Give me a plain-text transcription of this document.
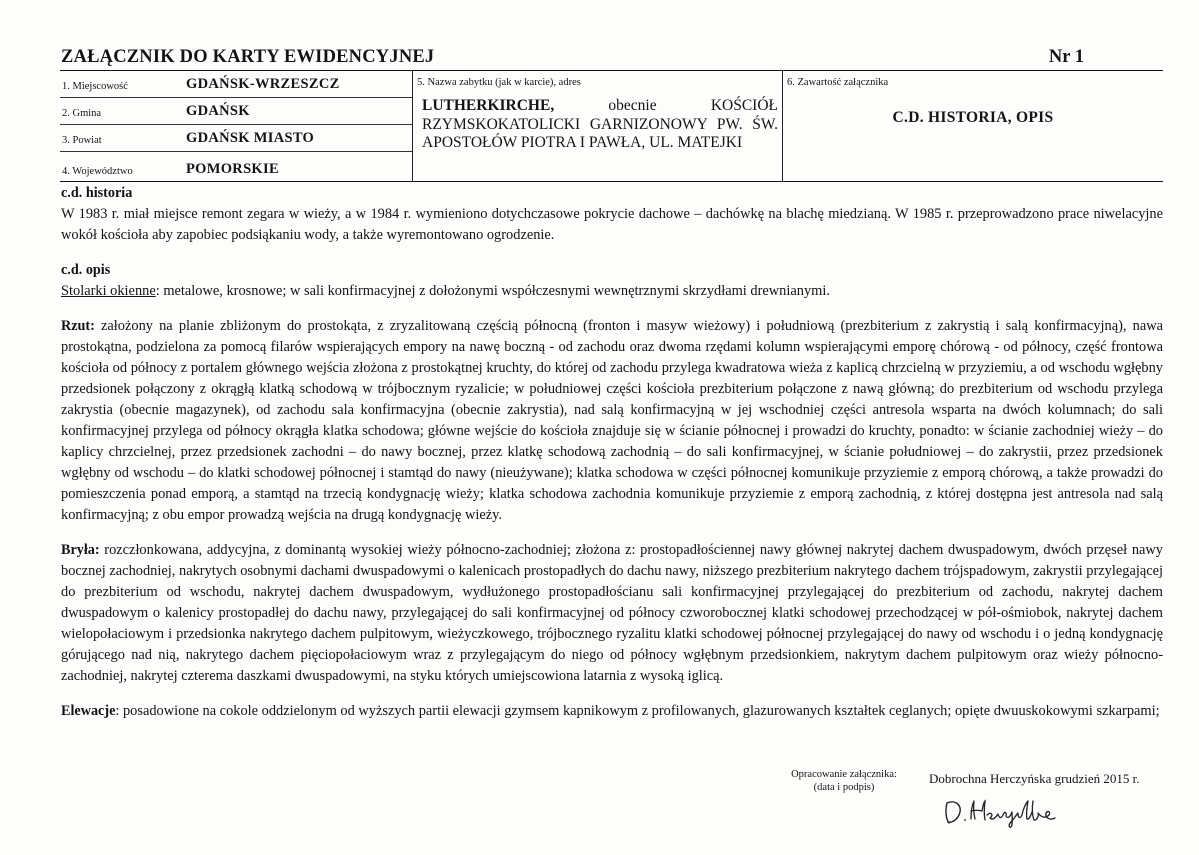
ZAŁĄCZNIK DO KARTY EWIDENCYJNEJ	Nr 1
1. Miejscowość	GDAŃSK-WRZESZCZ
2. Gmina	GDAŃSK
3. Powiat	GDAŃSK MIASTO
4. Województwo	POMORSKIE
5. Nazwa zabytku (jak w karcie), adres
LUTHERKIRCHE,	obecnie KOŚCIÓŁ RZYMSKOKATOLICKI GARNIZONOWY PW. ŚW. APOSTOŁÓW PIOTRA I PAWŁA, UL. MATEJKI
6. Zawartość załącznika
C.D. HISTORIA, OPIS
c.d. historia

W 1983 r. miał miejsce remont zegara w wieży, a w 1984 r. wymieniono dotychczasowe pokrycie dachowe – dachówkę na blachę miedzianą. W 1985 r. przeprowadzono prace niwelacyjne wokół kościoła aby zapobiec podsiąkaniu wody, a także wyremontowano ogrodzenie.

c.d. opis

Stolarki okienne: metalowe, krosnowe; w sali konfirmacyjnej z dołożonymi współczesnymi wewnętrznymi skrzydłami drewnianymi.

Rzut: założony na planie zbliżonym do prostokąta, z zryzalitowaną częścią północną (fronton i masyw wieżowy) i południową (prezbiterium z zakrystią i salą konfirmacyjną), nawa prostokątna, podzielona za pomocą filarów wspierających empory na nawę boczną - od zachodu oraz dwoma rzędami kolumn wspierającymi emporę chórową - od północy, część frontowa kościoła od północy z portalem głównego wejścia złożona z prostokątnej kruchty, do której od zachodu przylega kwadratowa wieża z kaplicą chrzcielną w przyziemiu, a od wschodu wgłębny przedsionek połączony z okrągłą klatką schodową w trójbocznym ryzalicie; w południowej części kościoła prezbiterium połączone z nawą główną; do prezbiterium od wschodu przylega zakrystia (obecnie magazynek), od zachodu sala konfirmacyjna (obecnie zakrystia), nad salą konfirmacyjną w jej wschodniej części antresola wsparta na dwóch kolumnach; do sali konfirmacyjnej przylega od północy okrągła klatka schodowa; główne wejście do kościoła znajduje się w ścianie północnej i prowadzi do kruchty, ponadto: w ścianie zachodniej wieży – do kaplicy chrzcielnej, przez przedsionek zachodni – do nawy bocznej, przez klatkę schodową zachodnią – do sali konfirmacyjnej, w ścianie południowej – do zakrystii, przez przedsionek wgłębny od wschodu – do klatki schodowej północnej i stamtąd do nawy (nieużywane); klatka schodowa w części północnej komunikuje przyziemie z emporą chórową, a także prowadzi do pomieszczenia ponad emporą, a stamtąd na trzecią kondygnację wieży; klatka schodowa zachodnia komunikuje przyziemie z emporą zachodnią, z której dostępna jest antresola nad salą konfirmacyjną; z obu empor prowadzą wejścia na drugą kondygnację wieży.

Bryła: rozczłonkowana, addycyjna, z dominantą wysokiej wieży północno-zachodniej; złożona z: prostopadłościennej nawy głównej nakrytej dachem dwuspadowym, dwóch przęseł nawy bocznej zachodniej, nakrytych osobnymi dachami dwuspadowymi o kalenicach prostopadłych do dachu nawy, niższego prezbiterium nakrytego dachem trójspadowym, zakrystii przylegającej do prezbiterium od wschodu, nakrytej dachem dwuspadowym, wydłużonego prostopadłościanu sali konfirmacyjnej przylegającej do prezbiterium od zachodu, nakrytej dachem dwuspadowym o kalenicy prostopadłej do dachu nawy, przylegającej do sali konfirmacyjnej od północy czworobocznej klatki schodowej przechodzącej w pół-ośmiobok, nakrytej dachem wielopołaciowym i przedsionka nakrytego dachem pulpitowym, wieżyczkowego, trójbocznego ryzalitu klatki schodowej północnej przylegającej do nawy od wschodu i o jedną kondygnację górującego nad nią, nakrytego dachem pięciopołaciowym wraz z przylegającym do niego od północy wgłębnym przedsionkiem, nakrytym dachem pulpitowym oraz wieży północno-zachodniej, nakrytej czterema daszkami dwuspadowymi, na styku których umiejscowiona latarnia z wysoką iglicą.

Elewacje: posadowione na cokole oddzielonym od wyższych partii elewacji gzymsem kapnikowym z profilowanych, glazurowanych kształtek ceglanych; opięte dwuuskokowymi szkarpami;

Opracowanie załącznika:
(data i podpis)
Dobrochna Herczyńska grudzień 2015 r.
